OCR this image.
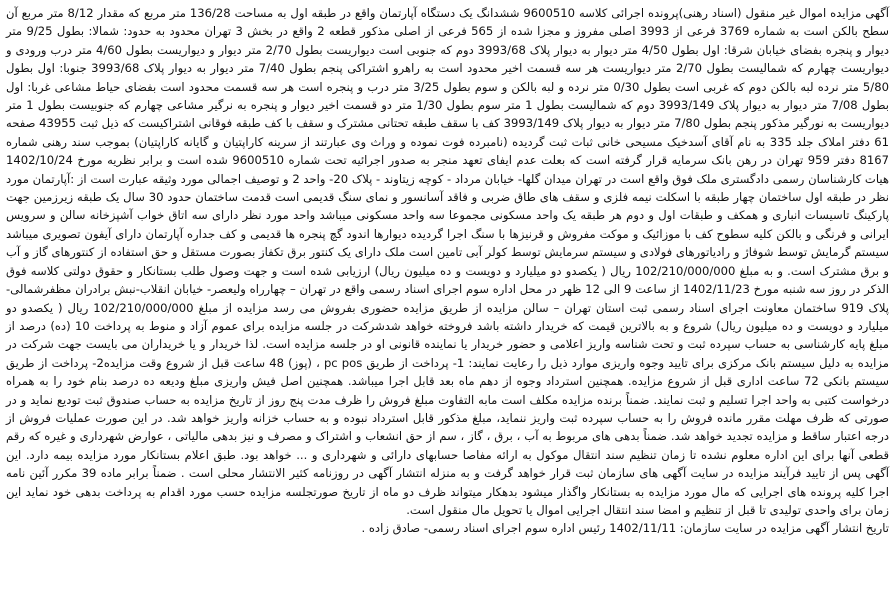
آگهی مزایده اموال غیر منقول (اسناد رهنی)پرونده اجرائی کلاسه 9600510 ششدانگ یک دستگاه آپارتمان واقع در طبقه اول به مساحت 136/28 متر مربع که مقدار 8/12 متر مربع آن سطح بالکن است به شماره 3769 فرعی از 3993 اصلی مفروز و مجزا شده از 565 فرعی از اصلی مذکور قطعه 2 واقع در بخش 3 تهران محدود به حدود: شمالا: بطول 9/25 متر دیوار و پنجره بفضای خیابان شرقا: اول بطول 4/50 متر دیوار به دیوار پلاک 3993/68 دوم که جنوبی است دیواریست بطول 2/70 متر دیوار و دیواریست بطول 4/60 متر درب ورودی و دیواریست چهارم که شمالیست بطول 2/70 متر دیواریست هر سه قسمت اخیر محدود است به راهرو اشتراکی پنجم بطول 7/40 متر دیوار به دیوار پلاک 3993/68 جنوبا: اول بطول 5/80 متر نرده لبه بالکن دوم که غربی است بطول 0/30 متر نرده و لبه بالکن و سوم بطول 3/25 متر درب و پنجره است هر سه قسمت محدود است بفضای حیاط مشاعی غربا: اول بطول 7/08 متر دیوار به دیوار پلاک 3993/149 دوم که شمالیست بطول 1 متر سوم بطول 1/30 متر دو قسمت اخیر دیوار و پنجره به نرگیر مشاعی چهارم که جنوبیست بطول 1 متر دیواریست به نورگیر مذکور پنجم بطول 7/80 متر دیوار به دیوار پلاک 3993/149 کف با سقف طبقه تحتانی مشترک و سقف با کف طبقه فوقانی اشتراکیست که ذیل ثبت 43955 صفحه 61 دفتر املاک جلد 335 به نام آقای آسدخیک مسیحی خانی ثبات ثبت گردیده (نامبرده فوت نموده و وراث وی عبارتند از سرینه کاراپتیان و گایانه کاراپتیان) بموجب سند رهنی شماره 8167 دفتر 959 تهران در رهن بانک سرمایه قرار گرفته است که بعلت عدم ایفای تعهد منجر به صدور اجرائیه تحت شماره 9600510 شده است و برابر نظریه مورخ 1402/10/24 هیات کارشناسان رسمی دادگستری ملک فوق واقع است در تهران میدان گلها- خیابان مرداد - کوچه زیتاوند - پلاک 20- واحد 2 و توصیف اجمالی مورد وثیقه عبارت است از :آپارتمان مورد نظر در طبقه اول ساختمان چهار طبقه با اسکلت نیمه فلزی و سقف های طاق ضربی و فاقد آسانسور و نمای سنگ قدیمی است قدمت ساختمان حدود 30 سال یک طبقه زیرزمین جهت پارکینگ تاسیسات انباری و همکف و طبقات اول و دوم هر طبقه یک واحد مسکونی مجموعا سه واحد مسکونی میباشد واحد مورد نظر دارای سه اتاق خواب آشپزخانه سالن و سرویس ایرانی و فرنگی و بالکن کلیه سطوح کف با موزائیک و موکت مفروش و قرنیزها با سنگ اجرا گردیده دیوارها اندود گچ پنجره ها قدیمی و کف جداره آپارتمان دارای آیفون تصویری میباشد سیستم گرمایش توسط شوفاژ و رادیاتورهای فولادی و سیستم سرمایش توسط کولر آبی تامین است ملک دارای یک کنتور برق تکفاز بصورت مستقل و حق استفاده از کنتورهای گاز و آب و برق مشترک است. و به مبلغ 102/210/000/000 ریال ( یکصدو دو میلیارد و دویست و ده میلیون ریال) ارزیابی شده است و جهت وصول طلب بستانکار و حقوق دولتی کلاسه فوق الذکر در روز سه شنبه مورخ 1402/11/23 از ساعت 9 الی 12 ظهر در محل اداره سوم اجرای اسناد رسمی واقع در تهران – چهارراه ولیعصر- خیابان انقلاب-نبش برادران مظفرشمالی- پلاک 919 ساختمان معاونت اجرای اسناد رسمی ثبت استان تهران – سالن مزایده از طریق مزایده حضوری بفروش می رسد مزایده از مبلغ 102/210/000/000 ریال ( یکصدو دو میلیارد و دویست و ده میلیون ریال) شروع و به بالاترین قیمت که خریدار داشته باشد فروخته خواهد شدشرکت در جلسه مزایده برای عموم آزاد و منوط به پرداخت 10 (ده) درصد از مبلغ پایه کارشناسی به حساب سپرده ثبت و تحت شناسه واریز اعلامی و حضور خریدار یا نماینده قانونی او در جلسه مزایده است. لذا خریدار و یا خریداران می بایست جهت شرکت در مزایده به دلیل سیستم بانک مرکزی برای تایید وجوه واریزی موارد ذیل را رعایت نمایند: 1- پرداخت از طریق pc pos ، (پوز) 48 ساعت قبل از شروع وقت مزایده2- پرداخت از طریق سیستم بانکی 72 ساعت اداری قبل از شروع مزایده. همچنین استرداد وجوه از دهم ماه بعد قابل اجرا میباشد. همچنین اصل فیش واریزی مبلغ ودیعه ده درصد بنام خود را به همراه درخواست کتبی به واحد اجرا تسلیم و ثبت نمایند. ضمناً برنده مزایده مکلف است مابه التفاوت مبلغ فروش را ظرف مدت پنج روز از تاریخ مزایده به حساب صندوق ثبت تودیع نماید و در صورتی که ظرف مهلت مقرر مانده فروش را به حساب سپرده ثبت واریز ننماید، مبلغ مذکور قابل استرداد نبوده و به حساب خزانه واریز خواهد شد. در این صورت عملیات فروش از درجه اعتبار ساقط و مزایده تجدید خواهد شد. ضمناً بدهی های مربوط به آب ، برق ، گاز ، سم از حق انشعاب و اشتراک و مصرف و نیز بدهی مالیاتی ، عوارض شهرداری و غیره که رقم قطعی آنها برای این اداره معلوم نشده تا زمان تنظیم سند انتقال موکول به ارائه مفاصا حسابهای دارائی و شهرداری و ... خواهد بود. طبق اعلام بستانکار مورد مزایده بیمه دارد. این آگهی پس از تایید فرآیند مزایده در سایت آگهی های سازمان ثبت قرار خواهد گرفت و به منزله انتشار آگهی در روزنامه کثیر الانتشار محلی است . ضمناً برابر ماده 39 مکرر آئین نامه اجرا کلیه پرونده های اجرایی که مال مورد مزایده به بستانکار واگذار میشود بدهکار میتواند ظرف دو ماه از تاریخ صورتجلسه مزایده حسب مورد اقدام به پرداخت بدهی خود نماید این زمان برای واحدی تولیدی تا قبل از تنظیم و امضا سند انتقال اجرایی اموال یا تحویل مال منقول است.

تاریخ انتشار آگهی مزایده در سایت سازمان: 1402/11/11 رئیس اداره سوم اجرای اسناد رسمی- صادق زاده .
